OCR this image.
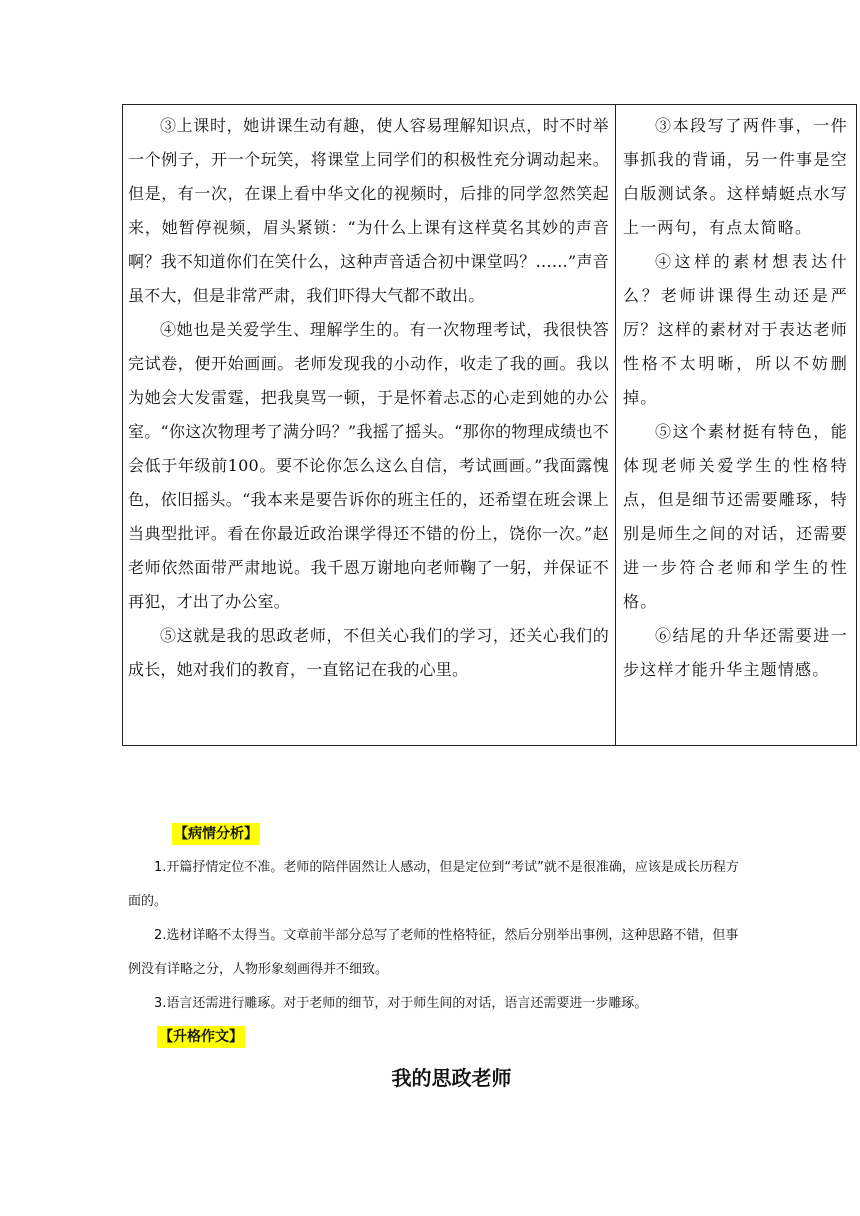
③上课时，她讲课生动有趣，使人容易理解知识点，时不时举一个例子，开一个玩笑，将课堂上同学们的积极性充分调动起来。但是，有一次，在课上看中华文化的视频时，后排的同学忽然笑起来，她暂停视频，眉头紧锁：“为什么上课有这样莫名其妙的声音啊？我不知道你们在笑什么，这种声音适合初中课堂吗？……”声音虽不大，但是非常严肃，我们吓得大气都不敢出。

④她也是关爱学生、理解学生的。有一次物理考试，我很快答完试卷，便开始画画。老师发现我的小动作，收走了我的画。我以为她会大发雷霆，把我臭骂一顿，于是怀着忐忑的心走到她的办公室。“你这次物理考了满分吗？”我摇了摇头。“那你的物理成绩也不会低于年级前100。要不论你怎么这么自信，考试画画。”我面露愧色，依旧摇头。“我本来是要告诉你的班主任的，还希望在班会课上当典型批评。看在你最近政治课学得还不错的份上，饶你一次。”赵老师依然面带严肃地说。我千恩万谢地向老师鞠了一躬，并保证不再犯，才出了办公室。

⑤这就是我的思政老师，不但关心我们的学习，还关心我们的成长，她对我们的教育，一直铭记在我的心里。

③本段写了两件事，一件事抓我的背诵，另一件事是空白版测试条。这样蜻蜓点水写上一两句，有点太简略。

④这样的素材想表达什么？老师讲课得生动还是严厉？这样的素材对于表达老师性格不太明晰，所以不妨删掉。

⑤这个素材挺有特色，能体现老师关爱学生的性格特点，但是细节还需要雕琢，特别是师生之间的对话，还需要进一步符合老师和学生的性格。

⑥结尾的升华还需要进一步这样才能升华主题情感。

【病情分析】

1.开篇抒情定位不准。老师的陪伴固然让人感动，但是定位到“考试”就不是很准确，应该是成长历程方面的。

2.选材详略不太得当。文章前半部分总写了老师的性格特征，然后分别举出事例，这种思路不错，但事例没有详略之分，人物形象刻画得并不细致。

3.语言还需进行雕琢。对于老师的细节，对于师生间的对话，语言还需要进一步雕琢。

【升格作文】
我的思政老师
